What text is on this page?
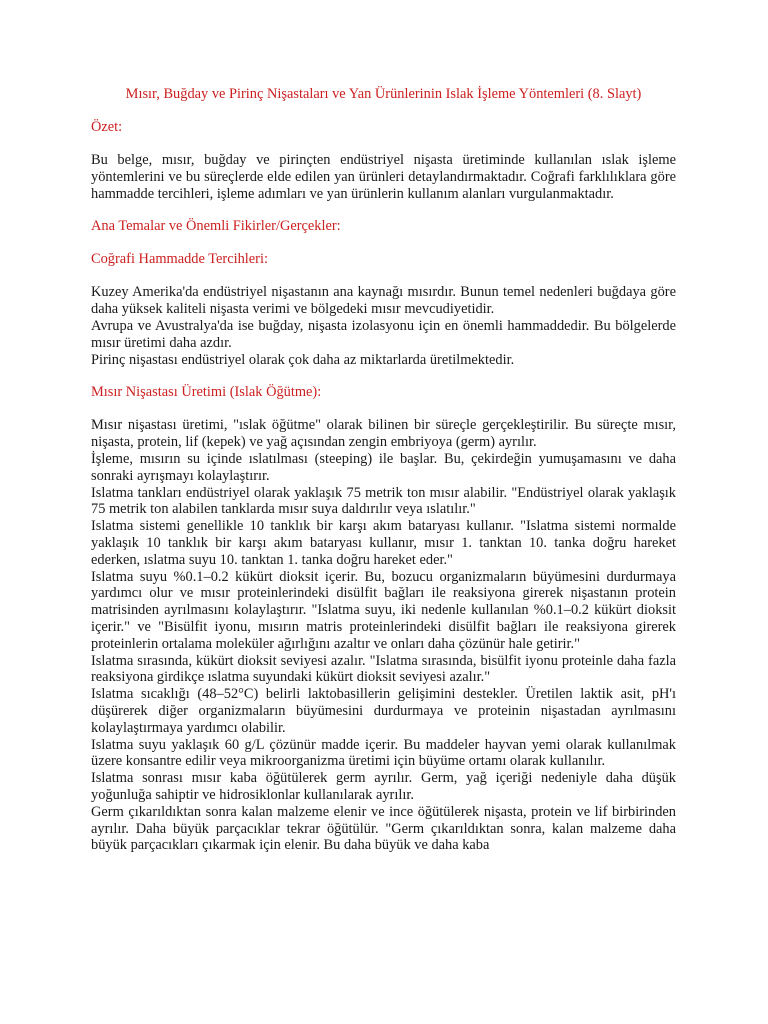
Mısır, Buğday ve Pirinç Nişastaları ve Yan Ürünlerinin Islak İşleme Yöntemleri (8. Slayt)
Özet:
Bu belge, mısır, buğday ve pirinçten endüstriyel nişasta üretiminde kullanılan ıslak işleme yöntemlerini ve bu süreçlerde elde edilen yan ürünleri detaylandırmaktadır. Coğrafi farklılıklara göre hammadde tercihleri, işleme adımları ve yan ürünlerin kullanım alanları vurgulanmaktadır.
Ana Temalar ve Önemli Fikirler/Gerçekler:
Coğrafi Hammadde Tercihleri:
Kuzey Amerika'da endüstriyel nişastanın ana kaynağı mısırdır. Bunun temel nedenleri buğdaya göre daha yüksek kaliteli nişasta verimi ve bölgedeki mısır mevcudiyetidir.
Avrupa ve Avustralya'da ise buğday, nişasta izolasyonu için en önemli hammaddedir. Bu bölgelerde mısır üretimi daha azdır.
Pirinç nişastası endüstriyel olarak çok daha az miktarlarda üretilmektedir.
Mısır Nişastası Üretimi (Islak Öğütme):
Mısır nişastası üretimi, "ıslak öğütme" olarak bilinen bir süreçle gerçekleştirilir. Bu süreçte mısır, nişasta, protein, lif (kepek) ve yağ açısından zengin embriyoya (germ) ayrılır.
İşleme, mısırın su içinde ıslatılması (steeping) ile başlar. Bu, çekirdeğin yumuşamasını ve daha sonraki ayrışmayı kolaylaştırır.
Islatma tankları endüstriyel olarak yaklaşık 75 metrik ton mısır alabilir. "Endüstriyel olarak yaklaşık 75 metrik ton alabilen tanklarda mısır suya daldırılır veya ıslatılır."
Islatma sistemi genellikle 10 tanklık bir karşı akım bataryası kullanır. "Islatma sistemi normalde yaklaşık 10 tanklık bir karşı akım bataryası kullanır, mısır 1. tanktan 10. tanka doğru hareket ederken, ıslatma suyu 10. tanktan 1. tanka doğru hareket eder."
Islatma suyu %0.1–0.2 kükürt dioksit içerir. Bu, bozucu organizmaların büyümesini durdurmaya yardımcı olur ve mısır proteinlerindeki disülfit bağları ile reaksiyona girerek nişastanın protein matrisinden ayrılmasını kolaylaştırır. "Islatma suyu, iki nedenle kullanılan %0.1–0.2 kükürt dioksit içerir." ve "Bisülfit iyonu, mısırın matris proteinlerindeki disülfit bağları ile reaksiyona girerek proteinlerin ortalama moleküler ağırlığını azaltır ve onları daha çözünür hale getirir."
Islatma sırasında, kükürt dioksit seviyesi azalır. "Islatma sırasında, bisülfit iyonu proteinle daha fazla reaksiyona girdikçe ıslatma suyundaki kükürt dioksit seviyesi azalır."
Islatma sıcaklığı (48–52°C) belirli laktobasillerin gelişimini destekler. Üretilen laktik asit, pH'ı düşürerek diğer organizmaların büyümesini durdurmaya ve proteinin nişastadan ayrılmasını kolaylaştırmaya yardımcı olabilir.
Islatma suyu yaklaşık 60 g/L çözünür madde içerir. Bu maddeler hayvan yemi olarak kullanılmak üzere konsantre edilir veya mikroorganizma üretimi için büyüme ortamı olarak kullanılır.
Islatma sonrası mısır kaba öğütülerek germ ayrılır. Germ, yağ içeriği nedeniyle daha düşük yoğunluğa sahiptir ve hidrosiklonlar kullanılarak ayrılır.
Germ çıkarıldıktan sonra kalan malzeme elenir ve ince öğütülerek nişasta, protein ve lif birbirinden ayrılır. Daha büyük parçacıklar tekrar öğütülür. "Germ çıkarıldıktan sonra, kalan malzeme daha büyük parçacıkları çıkarmak için elenir. Bu daha büyük ve daha kaba
